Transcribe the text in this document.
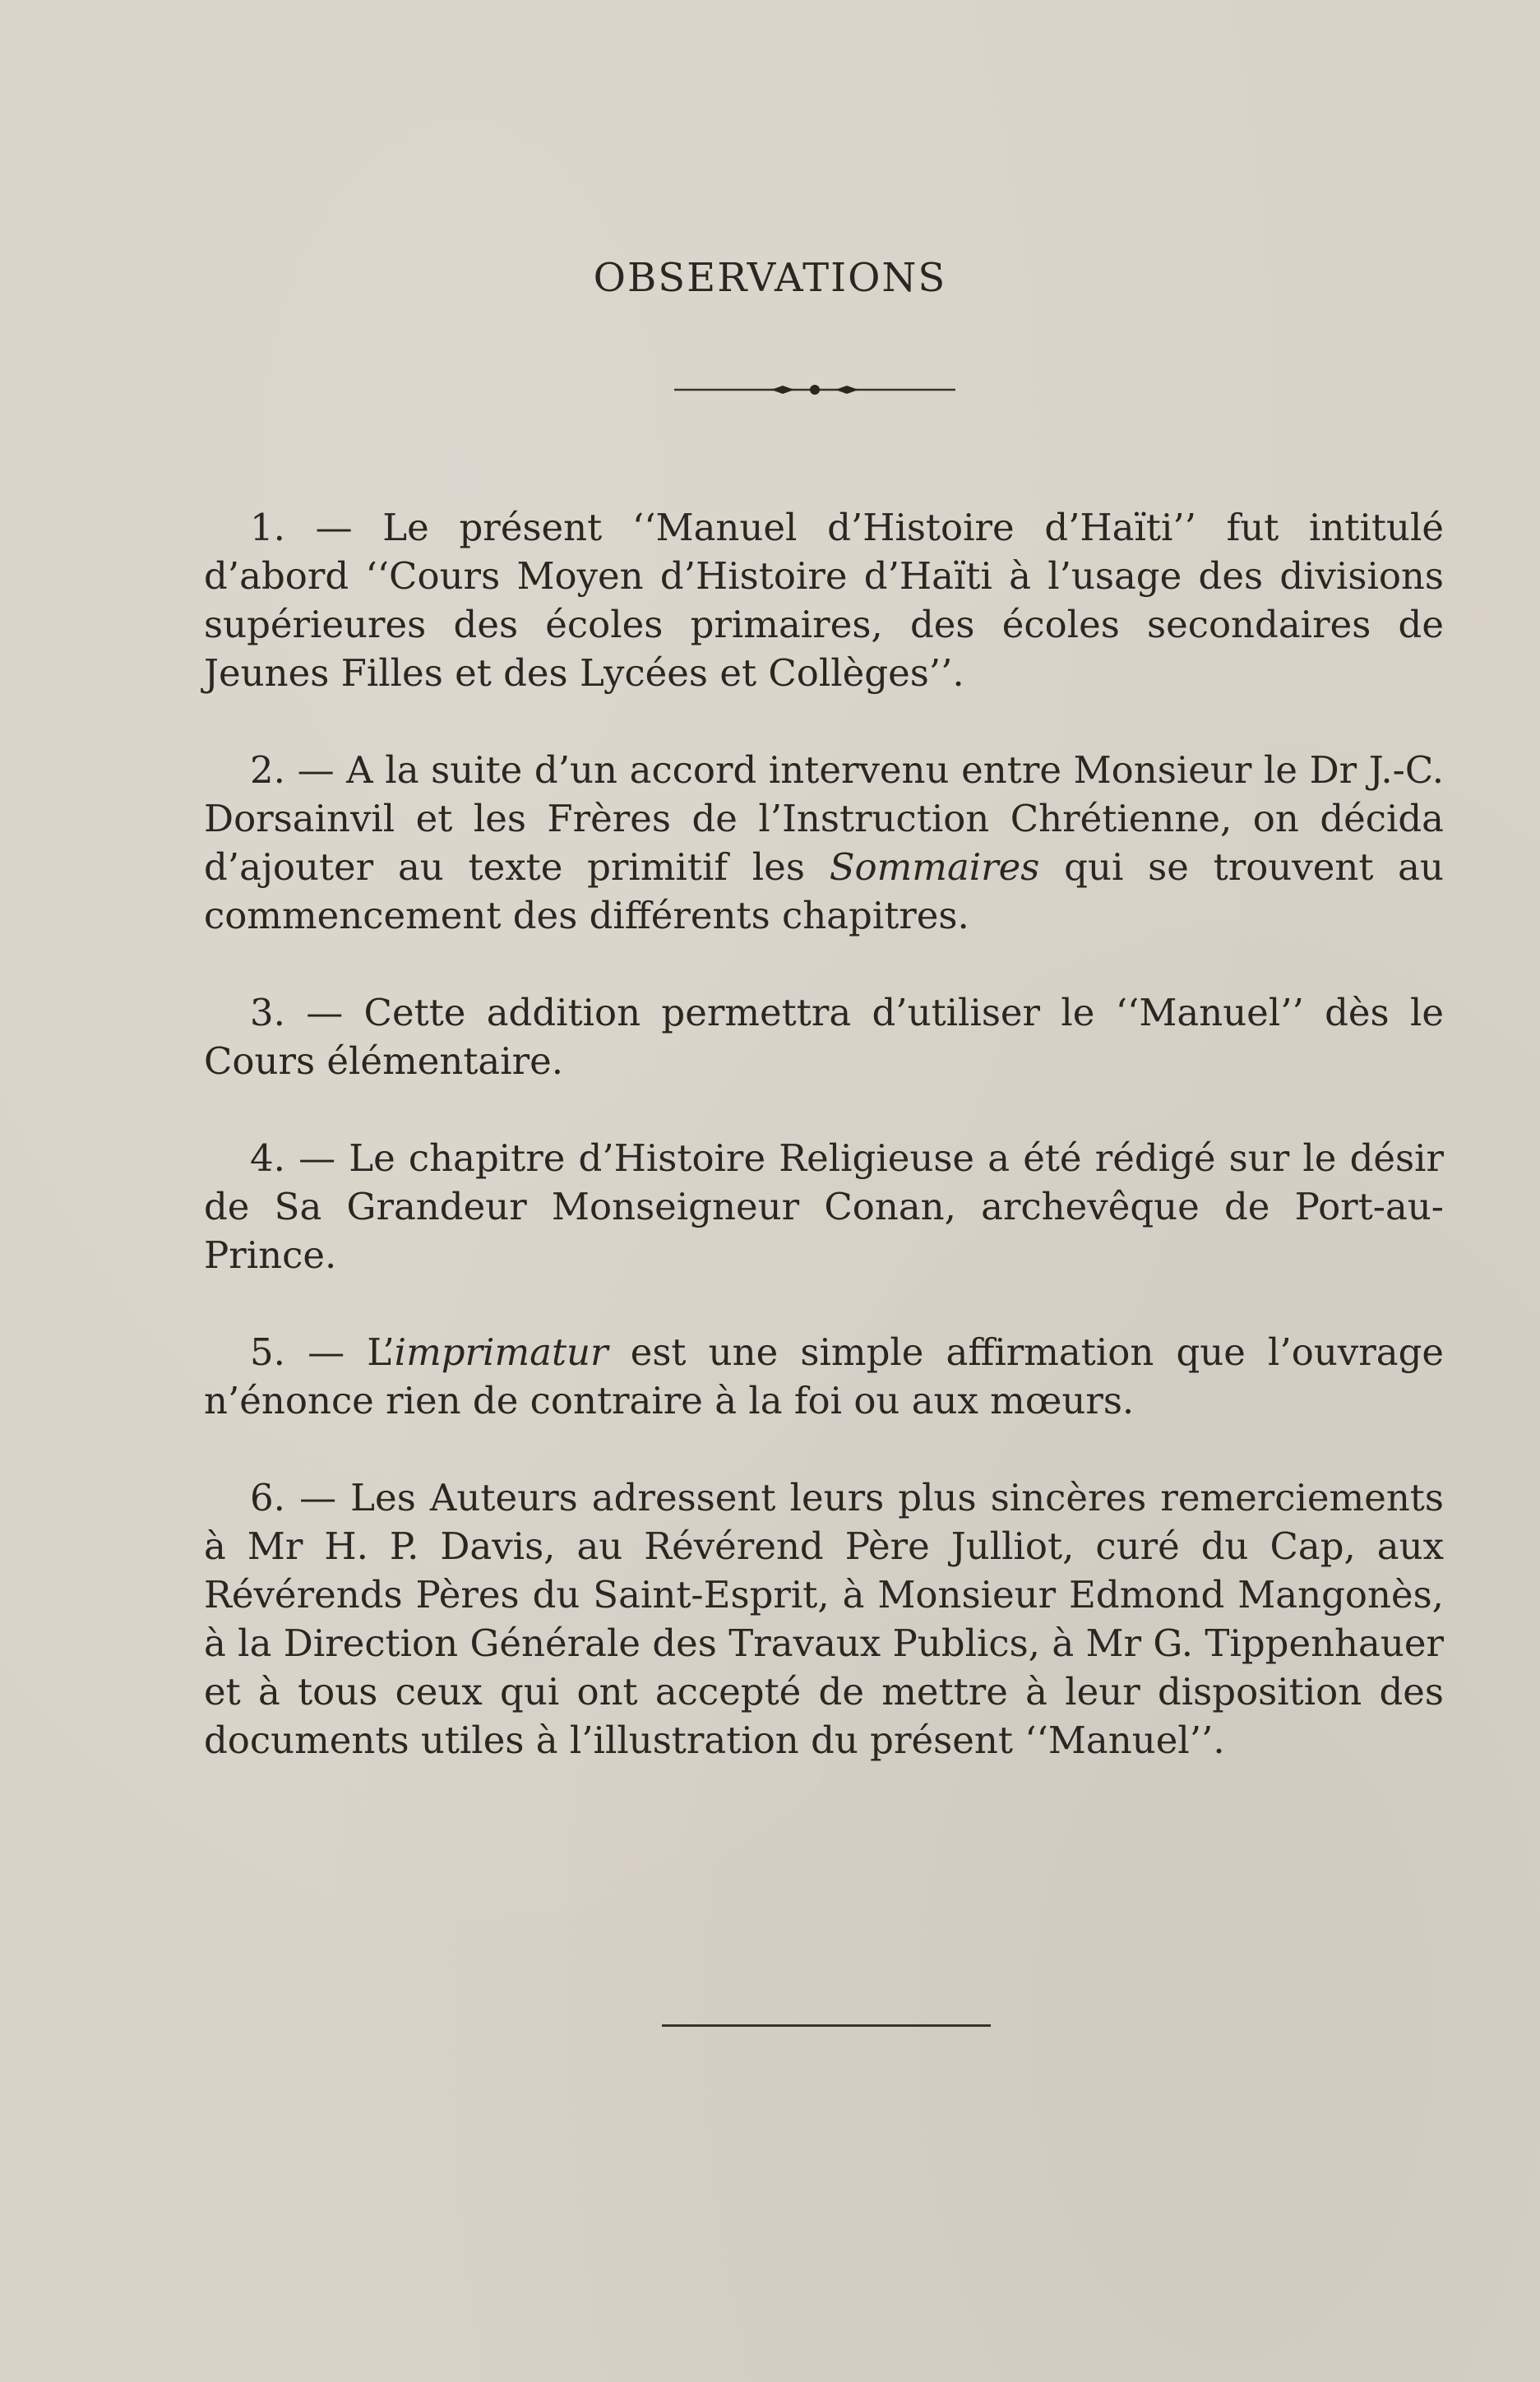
OBSERVATIONS

1. — Le présent ‘‘Manuel d’Histoire d’Haïti’’ fut intitulé d’abord ‘‘Cours Moyen d’Histoire d’Haïti à l’usage des divisions supérieures des écoles primaires, des écoles secondaires de Jeunes Filles et des Lycées et Collèges’’.

2. — A la suite d’un accord intervenu entre Monsieur le Dr J.-C. Dorsainvil et les Frères de l’Instruction Chrétienne, on décida d’ajouter au texte primitif les Sommaires qui se trouvent au commencement des différents chapitres.

3. — Cette addition permettra d’utiliser le ‘‘Manuel’’ dès le Cours élémentaire.

4. — Le chapitre d’Histoire Religieuse a été rédigé sur le désir de Sa Grandeur Monseigneur Conan, archevêque de Port-au-Prince.

5. — L’imprimatur est une simple affirmation que l’ouvrage n’énonce rien de contraire à la foi ou aux mœurs.

6. — Les Auteurs adressent leurs plus sincères remerciements à Mr H. P. Davis, au Révérend Père Julliot, curé du Cap, aux Révérends Pères du Saint-Esprit, à Monsieur Edmond Mangonès, à la Direction Générale des Travaux Publics, à Mr G. Tippenhauer et à tous ceux qui ont accepté de mettre à leur disposition des documents utiles à l’illustration du présent ‘‘Manuel’’.
